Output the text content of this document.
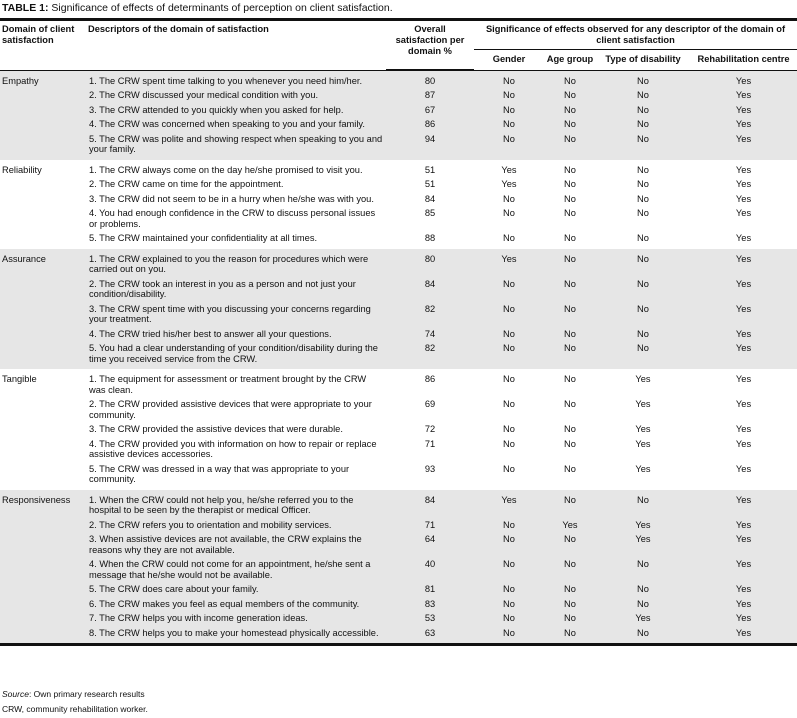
TABLE 1: Significance of effects of determinants of perception on client satisfaction.
Domain of client satisfaction	Descriptors of the domain of satisfaction	Overall satisfaction per domain %	Significance of effects observed for any descriptor of the domain of client satisfaction			
			Gender	Age group	Type of disability	Rehabilitation centre

Empathy	1. The CRW spent time talking to you whenever you need him/her.	80	No	No	No	Yes
	2. The CRW discussed your medical condition with you.	87	No	No	No	Yes
	3. The CRW attended to you quickly when you asked for help.	67	No	No	No	Yes
	4. The CRW was concerned when speaking to you and your family.	86	No	No	No	Yes
	5. The CRW was polite and showing respect when speaking to you and your family.	94	No	No	No	Yes
Reliability	1. The CRW always come on the day he/she promised to visit you.	51	Yes	No	No	Yes
	2. The CRW came on time for the appointment.	51	Yes	No	No	Yes
	3. The CRW did not seem to be in a hurry when he/she was with you.	84	No	No	No	Yes
	4. You had enough confidence in the CRW to discuss personal issues or problems.	85	No	No	No	Yes
	5. The CRW maintained your confidentiality at all times.	88	No	No	No	Yes
Assurance	1. The CRW explained to you the reason for procedures which were carried out on you.	80	Yes	No	No	Yes
	2. The CRW took an interest in you as a person and not just your condition/disability.	84	No	No	No	Yes
	3. The CRW spent time with you discussing your concerns regarding your treatment.	82	No	No	No	Yes
	4. The CRW tried his/her best to answer all your questions.	74	No	No	No	Yes
	5. You had a clear understanding of your condition/disability during the time you received service from the CRW.	82	No	No	No	Yes
Tangible	1. The equipment for assessment or treatment brought by the CRW was clean.	86	No	No	Yes	Yes
	2. The CRW provided assistive devices that were appropriate to your community.	69	No	No	Yes	Yes
	3. The CRW provided the assistive devices that were durable.	72	No	No	Yes	Yes
	4. The CRW provided you with information on how to repair or replace assistive devices accessories.	71	No	No	Yes	Yes
	5. The CRW was dressed in a way that was appropriate to your community.	93	No	No	Yes	Yes
Responsiveness	1. When the CRW could not help you, he/she referred you to the hospital to be seen by the therapist or medical Officer.	84	Yes	No	No	Yes
	2. The CRW refers you to orientation and mobility services.	71	No	Yes	Yes	Yes
	3. When assistive devices are not available, the CRW explains the reasons why they are not available.	64	No	No	Yes	Yes
	4. When the CRW could not come for an appointment, he/she sent a message that he/she would not be available.	40	No	No	No	Yes
	5. The CRW does care about your family.	81	No	No	No	Yes
	6. The CRW makes you feel as equal members of the community.	83	No	No	No	Yes
	7. The CRW helps you with income generation ideas.	53	No	No	Yes	Yes
	8. The CRW helps you to make your homestead physically accessible.	63	No	No	No	Yes
Source: Own primary research results
CRW, community rehabilitation worker.
